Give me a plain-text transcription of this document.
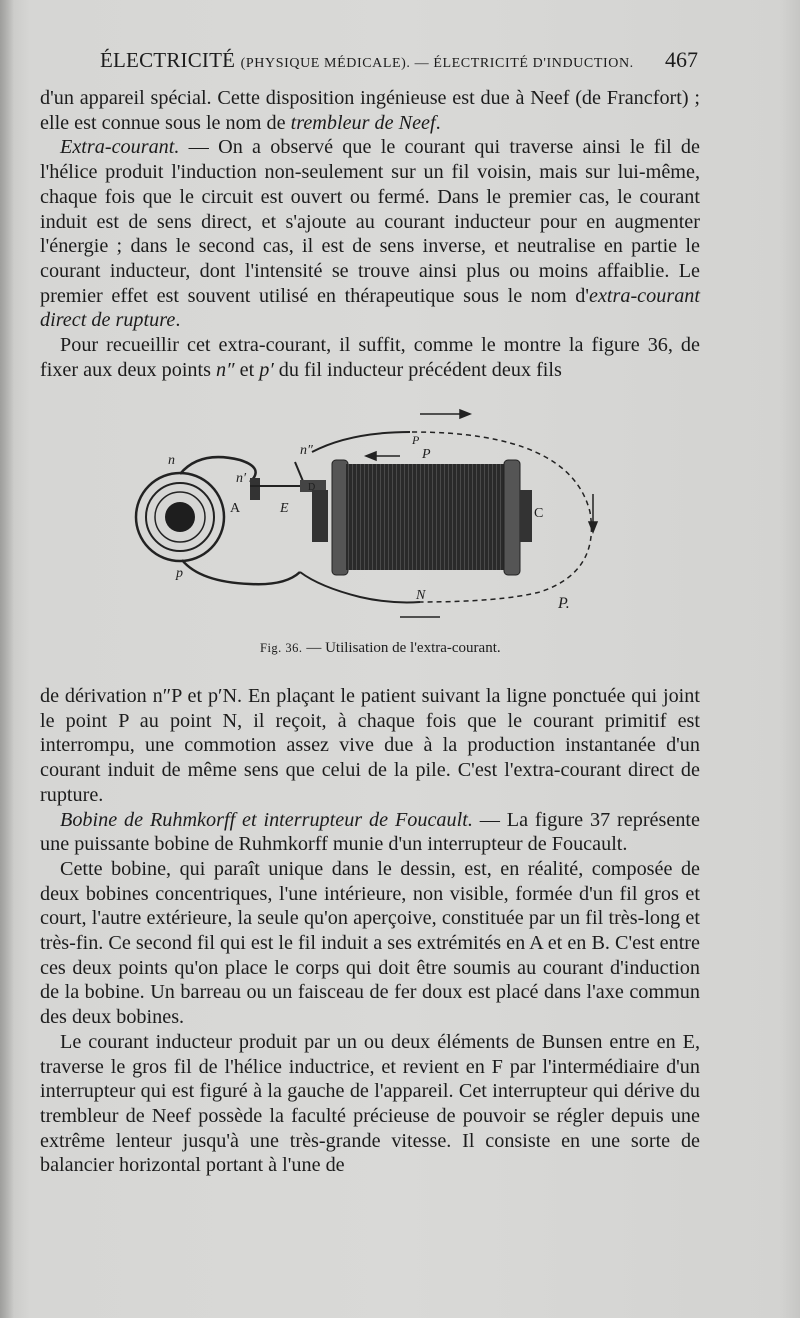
ÉLECTRICITÉ (PHYSIQUE MÉDICALE). — ÉLECTRICITÉ D'INDUCTION. 467

d'un appareil spécial. Cette disposition ingénieuse est due à Neef (de Francfort) ; elle est connue sous le nom de trembleur de Neef.

Extra-courant. — On a observé que le courant qui traverse ainsi le fil de l'hélice produit l'induction non-seulement sur un fil voisin, mais sur lui-même, chaque fois que le circuit est ouvert ou fermé. Dans le premier cas, le courant induit est de sens direct, et s'ajoute au courant inducteur pour en augmenter l'énergie ; dans le second cas, il est de sens inverse, et neutralise en partie le courant inducteur, dont l'intensité se trouve ainsi plus ou moins affaiblie. Le premier effet est souvent utilisé en thérapeutique sous le nom d'extra-courant direct de rupture.

Pour recueillir cet extra-courant, il suffit, comme le montre la figure 36, de fixer aux deux points n″ et p′ du fil inducteur précédent deux fils

n
n′
n″
A	E
D
C
P
P
p
N	P.
Fig. 36. — Utilisation de l'extra-courant.

de dérivation n″P et p′N. En plaçant le patient suivant la ligne ponctuée qui joint le point P au point N, il reçoit, à chaque fois que le courant primitif est interrompu, une commotion assez vive due à la production instantanée d'un courant induit de même sens que celui de la pile. C'est l'extra-courant direct de rupture.

Bobine de Ruhmkorff et interrupteur de Foucault. — La figure 37 représente une puissante bobine de Ruhmkorff munie d'un interrupteur de Foucault.

Cette bobine, qui paraît unique dans le dessin, est, en réalité, composée de deux bobines concentriques, l'une intérieure, non visible, formée d'un fil gros et court, l'autre extérieure, la seule qu'on aperçoive, constituée par un fil très-long et très-fin. Ce second fil qui est le fil induit a ses extrémités en A et en B. C'est entre ces deux points qu'on place le corps qui doit être soumis au courant d'induction de la bobine. Un barreau ou un faisceau de fer doux est placé dans l'axe commun des deux bobines.

Le courant inducteur produit par un ou deux éléments de Bunsen entre en E, traverse le gros fil de l'hélice inductrice, et revient en F par l'intermédiaire d'un interrupteur qui est figuré à la gauche de l'appareil. Cet interrupteur qui dérive du trembleur de Neef possède la faculté précieuse de pouvoir se régler depuis une extrême lenteur jusqu'à une très-grande vitesse. Il consiste en une sorte de balancier horizontal portant à l'une de
